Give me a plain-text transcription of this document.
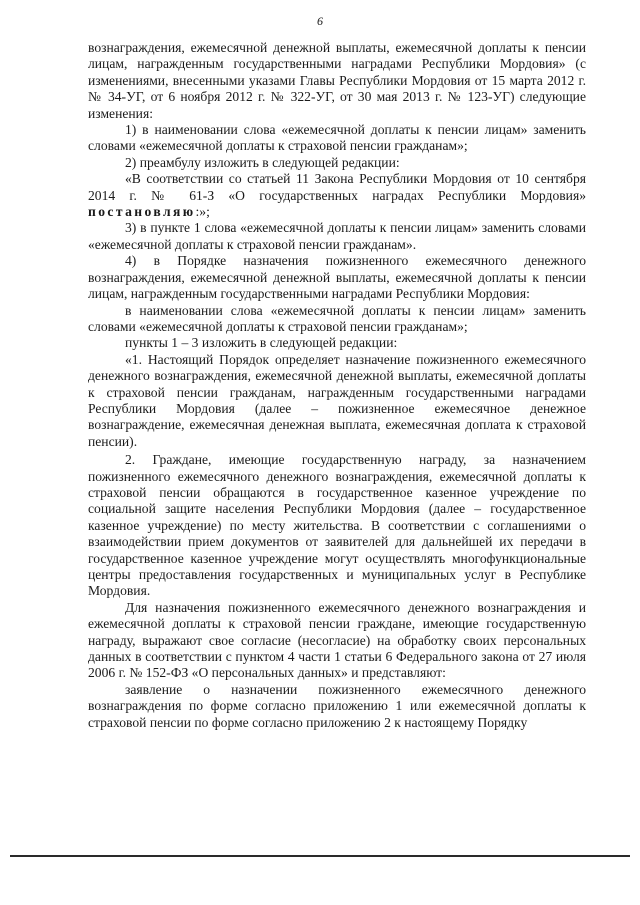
6

вознаграждения, ежемесячной денежной выплаты, ежемесячной доплаты к пенсии лицам, награжденным государственными наградами Республики Мордовия» (с изменениями, внесенными указами Главы Республики Мордовия от 15 марта 2012 г. № 34-УГ, от 6 ноября 2012 г. № 322-УГ, от 30 мая 2013 г. № 123-УГ) следующие изменения:

1) в наименовании слова «ежемесячной доплаты к пенсии лицам» заменить словами «ежемесячной доплаты к страховой пенсии гражданам»;

2) преамбулу изложить в следующей редакции:

«В соответствии со статьей 11 Закона Республики Мордовия от 10 сентября 2014 г. № 61-З «О государственных наградах Республики Мордовия» постановляю:»;

3) в пункте 1 слова «ежемесячной доплаты к пенсии лицам» заменить словами «ежемесячной доплаты к страховой пенсии гражданам».

4) в Порядке назначения пожизненного ежемесячного денежного вознаграждения, ежемесячной денежной выплаты, ежемесячной доплаты к пенсии лицам, награжденным государственными наградами Республики Мордовия:

в наименовании слова «ежемесячной доплаты к пенсии лицам» заменить словами «ежемесячной доплаты к страховой пенсии гражданам»;

пункты 1 – 3 изложить в следующей редакции:

«1. Настоящий Порядок определяет назначение пожизненного ежемесячного денежного вознаграждения, ежемесячной денежной выплаты, ежемесячной доплаты к страховой пенсии гражданам, награжденным государственными наградами Республики Мордовия (далее – пожизненное ежемесячное денежное вознаграждение, ежемесячная денежная выплата, ежемесячная доплата к страховой пенсии).

2. Граждане, имеющие государственную награду, за назначением пожизненного ежемесячного денежного вознаграждения, ежемесячной доплаты к страховой пенсии обращаются в государственное казенное учреждение по социальной защите населения Республики Мордовия (далее – государственное казенное учреждение) по месту жительства. В соответствии с соглашениями о взаимодействии прием документов от заявителей для дальнейшей их передачи в государственное казенное учреждение могут осуществлять многофункциональные центры предоставления государственных и муниципальных услуг в Республике Мордовия.

Для назначения пожизненного ежемесячного денежного вознаграждения и ежемесячной доплаты к страховой пенсии граждане, имеющие государственную награду, выражают свое согласие (несогласие) на обработку своих персональных данных в соответствии с пунктом 4 части 1 статьи 6 Федерального закона от 27 июля 2006 г. № 152-ФЗ «О персональных данных» и представляют:

заявление о назначении пожизненного ежемесячного денежного вознаграждения по форме согласно приложению 1 или ежемесячной доплаты к страховой пенсии по форме согласно приложению 2 к настоящему Порядку
